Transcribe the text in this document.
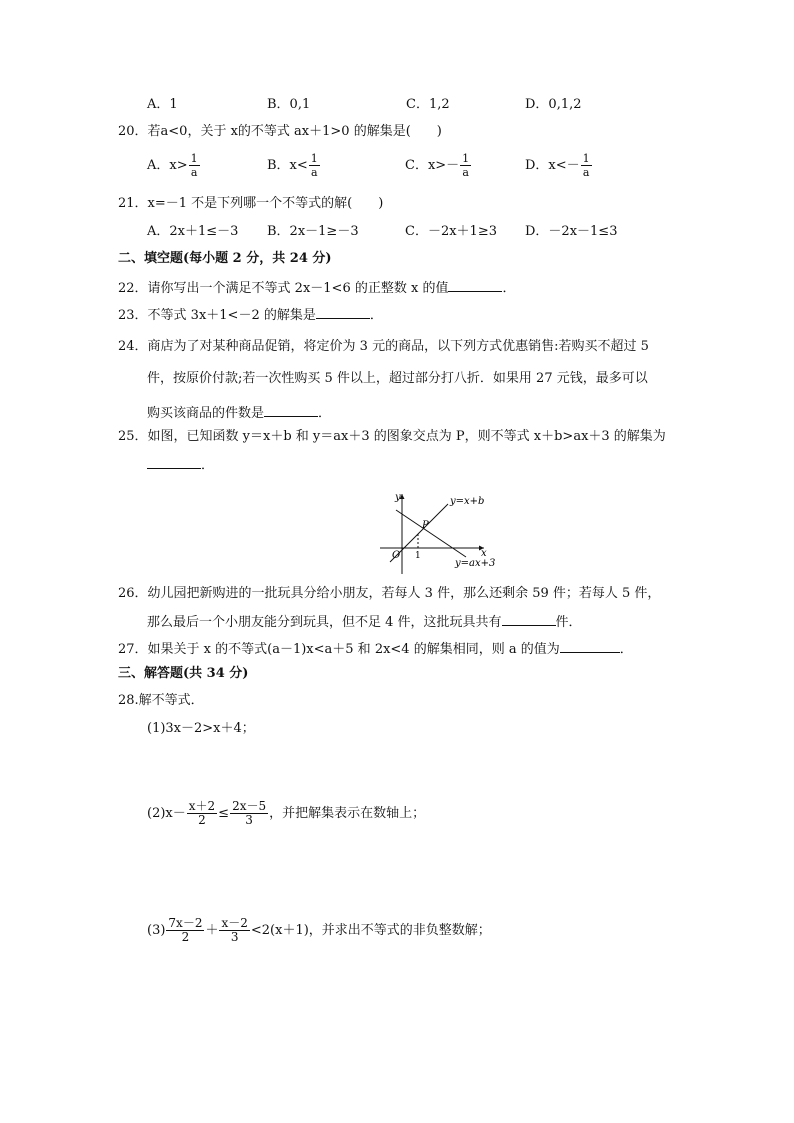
A．1	B．0,1	C．1,2	D．0,1,2
20．若a<0，关于 x的不等式 ax＋1>0 的解集是(　　)
A．$x> \frac{1}{a}$	B．$x< \frac{1}{a}$	C．$x>- \frac{1}{a}$	D．$x<- \frac{1}{a}$
21．x=－1 不是下列哪一个不等式的解(　　)
A．2x＋1≤－3 B．2x－1≥－3	C．－2x＋1≥3 D．－2x－1≤3
二、填空题(每小题 2 分，共 24 分)
22．请你写出一个满足不等式 2x－1<6 的正整数 x 的值	．
23．不等式 3x＋1<－2 的解集是	．
24．商店为了对某种商品促销，将定价为 3 元的商品，以下列方式优惠销售:若购买不超过 5
件，按原价付款;若一次性购买 5 件以上，超过部分打八折．如果用 27 元钱，最多可以
购买该商品的件数是	．
25．如图，已知函数 y＝x＋b 和 y＝ax＋3 的图象交点为 P，则不等式 x＋b>ax＋3 的解集为
．
y=x+b
y=ax+3
P
O 1	x
y
26．幼儿园把新购进的一批玩具分给小朋友，若每人 3 件，那么还剩余 59 件；若每人 5 件，
那么最后一个小朋友能分到玩具，但不足 4 件，这批玩具共有	件．
27．如果关于 x 的不等式(a－1)x<a＋5 和 2x<4 的解集相同，则 a 的值为	．
三、解答题(共 34 分)
28.解不等式．
(1)3x－2>x＋4；
$(2)x- \frac{x+2}{2} \le \frac{2x-5}{3}$ ，并把解集表示在数轴上；
$(3) \frac{7x-2}{2} + \frac{x-2}{3} <2(x+1)$，并求出不等式的非负整数解；
